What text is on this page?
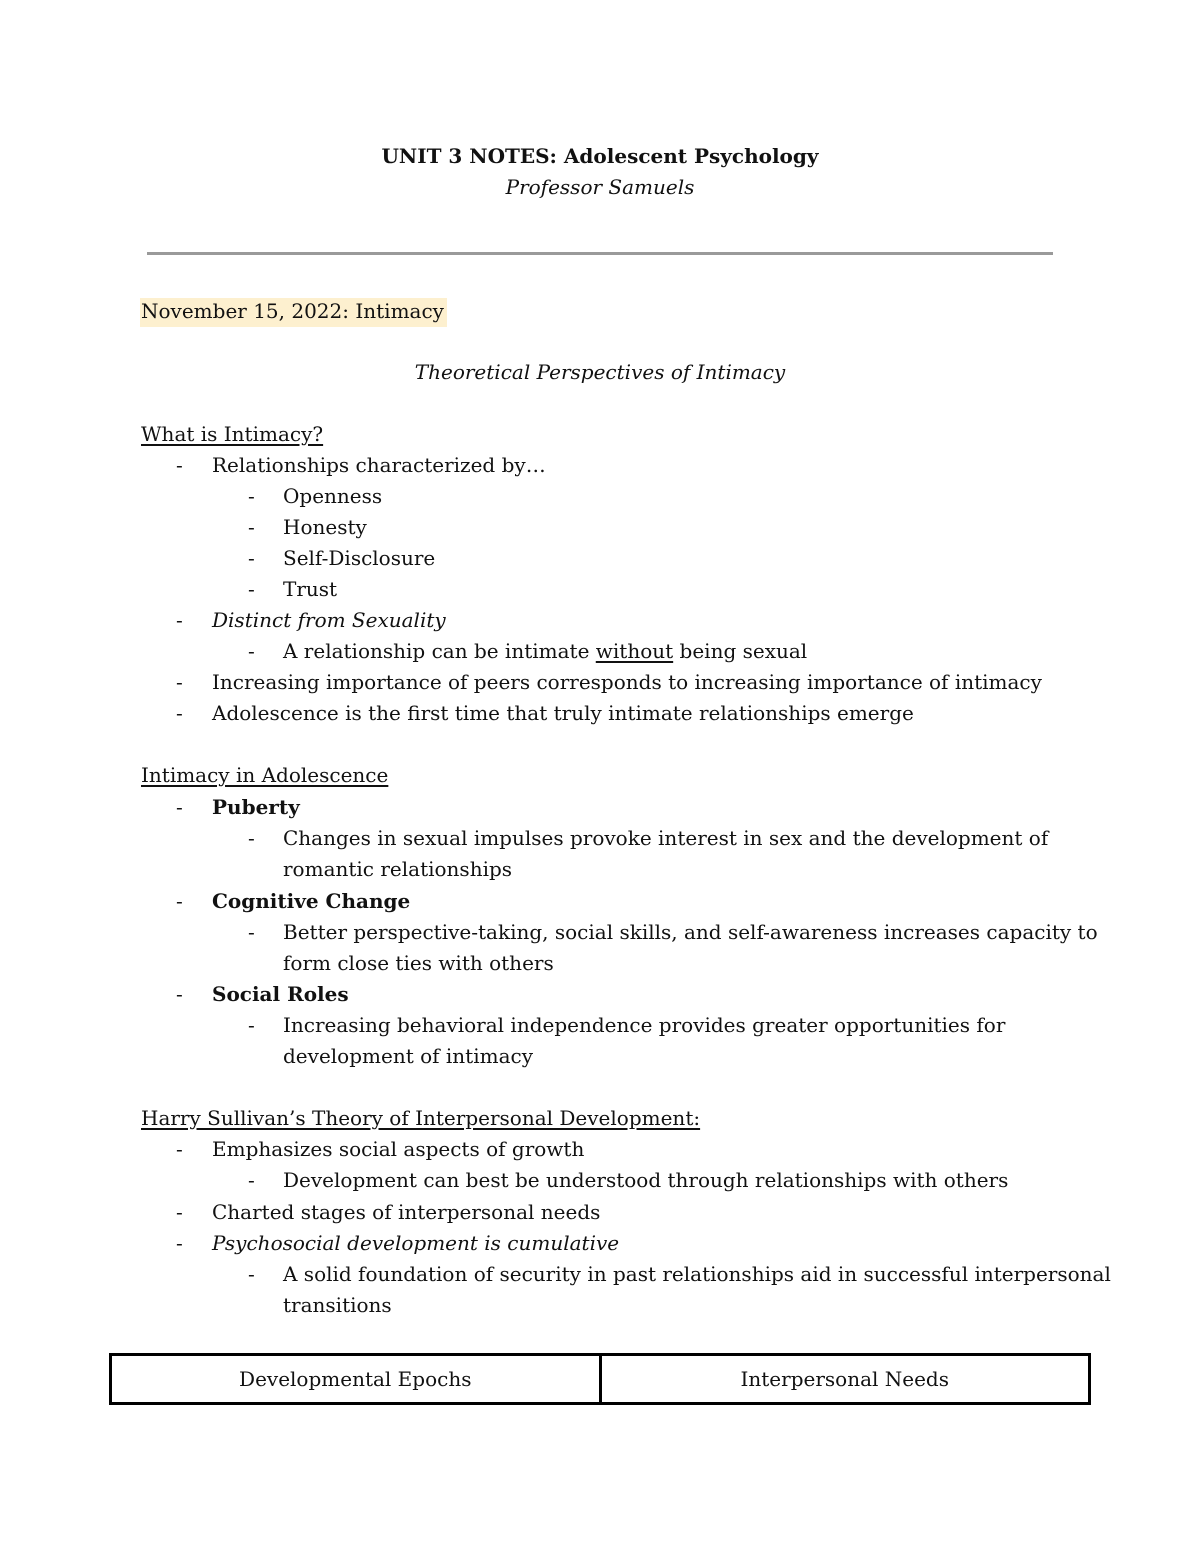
UNIT 3 NOTES: Adolescent Psychology
Professor Samuels
November 15, 2022: Intimacy
Theoretical Perspectives of Intimacy
What is Intimacy?
-	Relationships characterized by…
-	Openness
-	Honesty
-	Self-Disclosure
-	Trust
-	Distinct from Sexuality
-	A relationship can be intimate without being sexual
-	Increasing importance of peers corresponds to increasing importance of intimacy
-	Adolescence is the first time that truly intimate relationships emerge
Intimacy in Adolescence
-	Puberty
-	Changes in sexual impulses provoke interest in sex and the development of
romantic relationships
-	Cognitive Change
-	Better perspective-taking, social skills, and self-awareness increases capacity to
form close ties with others
-	Social Roles
-	Increasing behavioral independence provides greater opportunities for
development of intimacy
Harry Sullivan’s Theory of Interpersonal Development:
-	Emphasizes social aspects of growth
-	Development can best be understood through relationships with others
-	Charted stages of interpersonal needs
-	Psychosocial development is cumulative
-	A solid foundation of security in past relationships aid in successful interpersonal
transitions
Developmental Epochs	Interpersonal Needs
